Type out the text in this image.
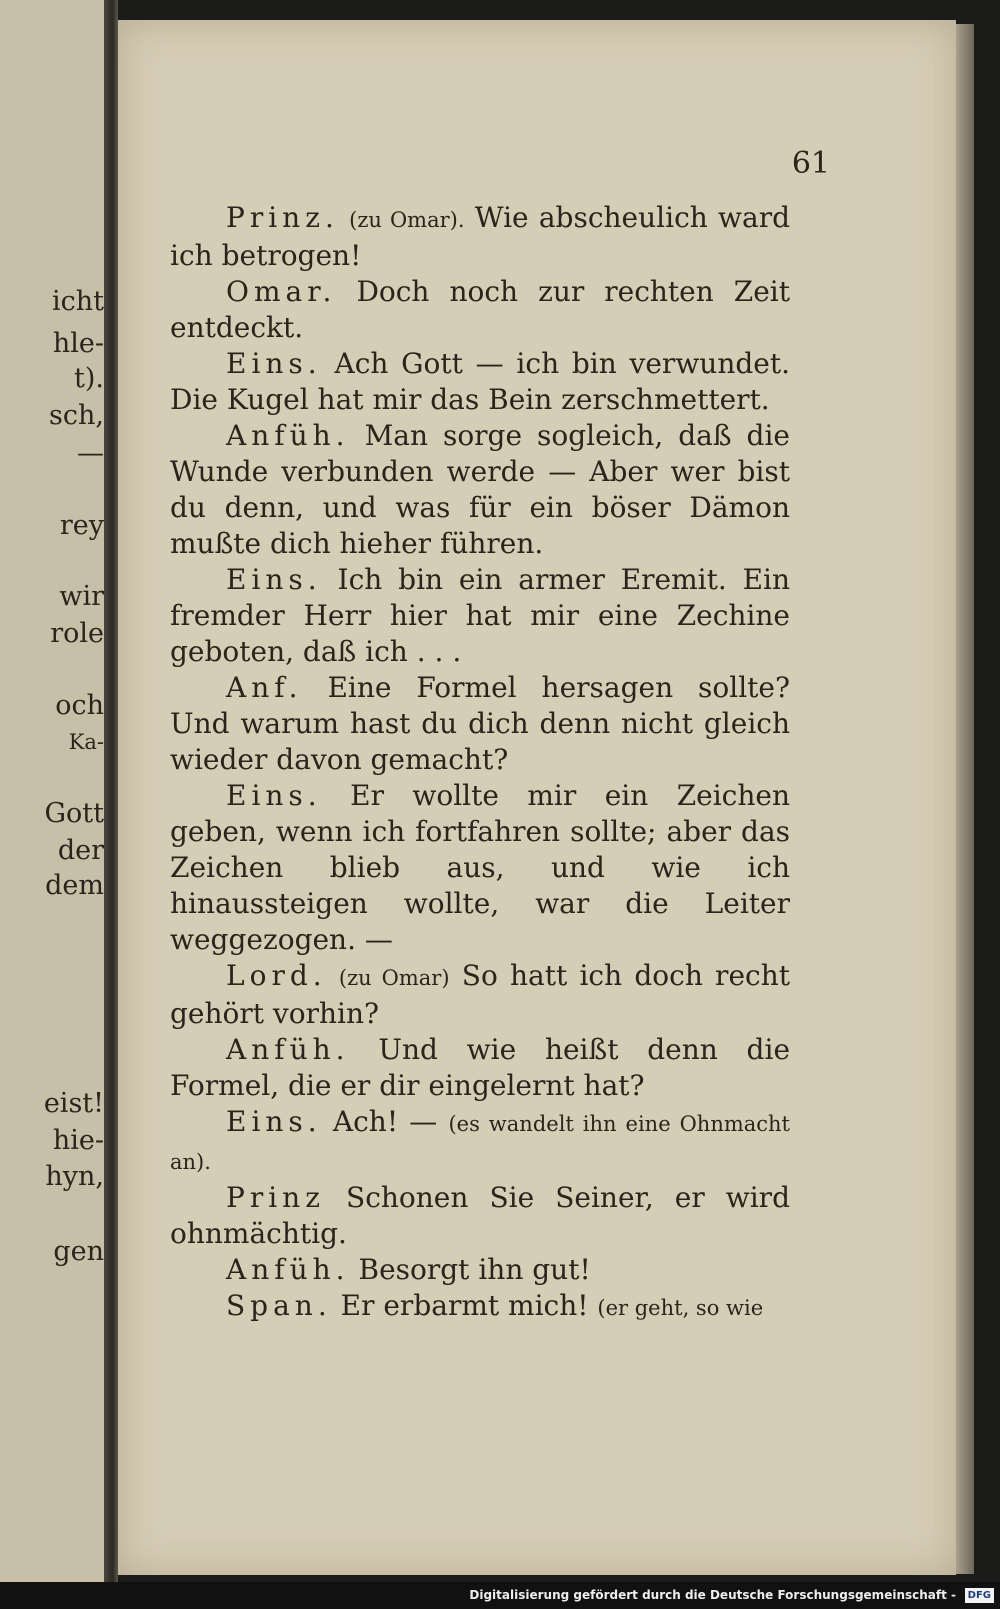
icht
hle-
t).
sch,
—
rey
wir
role
och
Ka-
Gott
der
dem
eist!
hie-
hyn,
gen
61

Prinz. (zu Omar). Wie abscheulich ward ich betrogen!

Omar. Doch noch zur rechten Zeit entdeckt.

Eins. Ach Gott — ich bin verwundet. Die Kugel hat mir das Bein zerschmettert.

Anfüh. Man sorge sogleich, daß die Wunde verbunden werde — Aber wer bist du denn, und was für ein böser Dämon mußte dich hieher führen.

Eins. Ich bin ein armer Eremit. Ein fremder Herr hier hat mir eine Zechine geboten, daß ich . . .

Anf. Eine Formel hersagen sollte? Und warum hast du dich denn nicht gleich wieder davon gemacht?

Eins. Er wollte mir ein Zeichen geben, wenn ich fortfahren sollte; aber das Zeichen blieb aus, und wie ich hinaussteigen wollte, war die Leiter weggezogen. —

Lord. (zu Omar) So hatt ich doch recht gehört vorhin?

Anfüh. Und wie heißt denn die Formel, die er dir eingelernt hat?

Eins. Ach! — (es wandelt ihn eine Ohnmacht an).

Prinz Schonen Sie Seiner, er wird ohnmächtig.

Anfüh. Besorgt ihn gut!

Span. Er erbarmt mich! (er geht, so wie

Digitalisierung gefördert durch die Deutsche Forschungsgemeinschaft -	DFG
